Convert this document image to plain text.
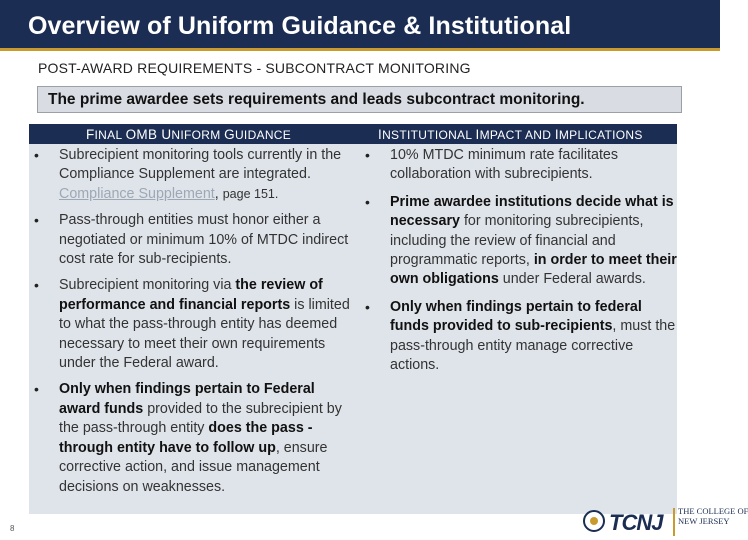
Overview of Uniform Guidance & Institutional
POST-AWARD REQUIREMENTS - SUBCONTRACT MONITORING
The prime awardee sets requirements and leads subcontract monitoring.
FINAL OMB UNIFORM GUIDANCE	INSTITUTIONAL IMPACT AND IMPLICATIONS
• Subrecipient monitoring tools currently in the Compliance Supplement are integrated. Compliance Supplement, page 151.
• Pass-through entities must honor either a negotiated or minimum 10% of MTDC indirect cost rate for sub-recipients.
• Subrecipient monitoring via the review of performance and financial reports is limited to what the pass-through entity has deemed necessary to meet their own requirements under the Federal award.
• Only when findings pertain to Federal award funds provided to the subrecipient by the pass-through entity does the pass -through entity have to follow up, ensure corrective action, and issue management decisions on weaknesses.
• 10% MTDC minimum rate facilitates collaboration with subrecipients.
• Prime awardee institutions decide what is necessary for monitoring subrecipients, including the review of financial and programmatic reports, in order to meet their own obligations under Federal awards.
• Only when findings pertain to federal funds provided to sub-recipients, must the pass-through entity manage corrective actions.
8	TCNJ THE COLLEGE OF
NEW JERSEY
